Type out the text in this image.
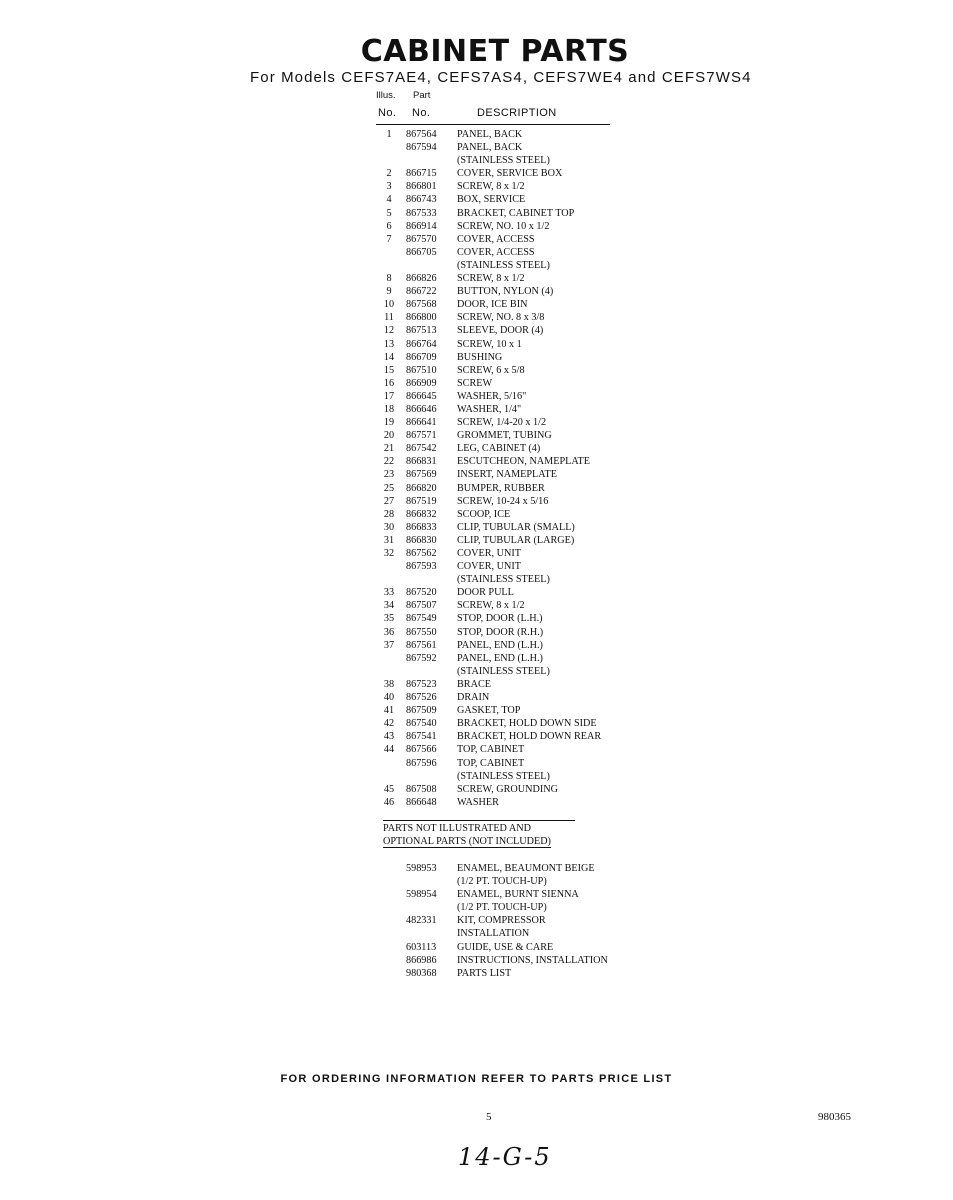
CABINET PARTS
For Models CEFS7AE4, CEFS7AS4, CEFS7WE4 and CEFS7WS4
Illus. Part
No. No.	DESCRIPTION
1	867564 PANEL, BACK
867594 PANEL, BACK
(STAINLESS STEEL)
2	866715 COVER, SERVICE BOX
3	866801 SCREW, 8 x 1/2
4	866743 BOX, SERVICE
5	867533 BRACKET, CABINET TOP
6	866914 SCREW, NO. 10 x 1/2
7	867570 COVER, ACCESS
866705 COVER, ACCESS
(STAINLESS STEEL)
8	866826 SCREW, 8 x 1/2
9	866722 BUTTON, NYLON (4)
10	867568 DOOR, ICE BIN
11	866800 SCREW, NO. 8 x 3/8
12	867513 SLEEVE, DOOR (4)
13	866764 SCREW, 10 x 1
14	866709 BUSHING
15	867510 SCREW, 6 x 5/8
16	866909 SCREW
17	866645 WASHER, 5/16"
18	866646 WASHER, 1/4"
19	866641 SCREW, 1/4-20 x 1/2
20	867571 GROMMET, TUBING
21	867542 LEG, CABINET (4)
22	866831 ESCUTCHEON, NAMEPLATE
23	867569 INSERT, NAMEPLATE
25	866820 BUMPER, RUBBER
27	867519 SCREW, 10-24 x 5/16
28	866832 SCOOP, ICE
30	866833 CLIP, TUBULAR (SMALL)
31	866830 CLIP, TUBULAR (LARGE)
32	867562 COVER, UNIT
867593 COVER, UNIT
(STAINLESS STEEL)
33	867520 DOOR PULL
34	867507 SCREW, 8 x 1/2
35	867549 STOP, DOOR (L.H.)
36	867550 STOP, DOOR (R.H.)
37	867561 PANEL, END (L.H.)
867592 PANEL, END (L.H.)
(STAINLESS STEEL)
38	867523 BRACE
40	867526 DRAIN
41	867509 GASKET, TOP
42	867540 BRACKET, HOLD DOWN SIDE
43	867541 BRACKET, HOLD DOWN REAR
44	867566 TOP, CABINET
867596 TOP, CABINET
(STAINLESS STEEL)
45	867508 SCREW, GROUNDING
46	866648 WASHER
PARTS NOT ILLUSTRATED AND
OPTIONAL PARTS (NOT INCLUDED)
598953 ENAMEL, BEAUMONT BEIGE
(1/2 PT. TOUCH-UP)
598954 ENAMEL, BURNT SIENNA
(1/2 PT. TOUCH-UP)
482331 KIT, COMPRESSOR
INSTALLATION
603113 GUIDE, USE & CARE
866986 INSTRUCTIONS, INSTALLATION
980368 PARTS LIST
FOR ORDERING INFORMATION REFER TO PARTS PRICE LIST
5	980365
14-G-5
